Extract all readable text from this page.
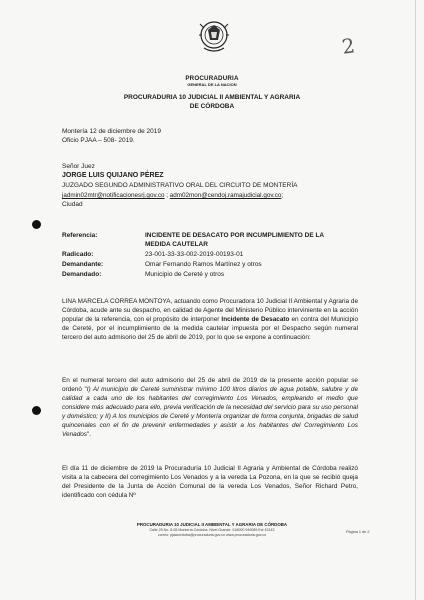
2
PROCURADURIA
GENERAL DE LA NACION
PROCURADURIA 10 JUDICIAL II AMBIENTAL Y AGRARIA
DE CÓRDOBA
Montería 12 de diciembre de 2019
Oficio PJAA – 508- 2019.
Señor Juez
JORGE LUIS QUIJANO PÉREZ
JUZGADO SEGUNDO ADMINISTRATIVO ORAL DEL CIRCUITO DE MONTERÍA
jadmin02mtr@notificacionesrj.gov.co ; adm02mon@cendoj.ramajudicial.gov.co;
Ciudad
Referencia:	INCIDENTE DE DESACATO POR INCUMPLIMIENTO DE LA
MEDIDA CAUTELAR
Radicado:	23-001-33-33-002-2019-00193-01
Demandante:	Omar Fernando Ramos Martínez y otros
Demandado:	Municipio de Cereté y otros

LINA MARCELA CORREA MONTOYA, actuando como Procuradora 10 Judicial II Ambiental y Agraria de Córdoba, acude ante su despacho, en calidad de Agente del Ministerio Público interviniente en la acción popular de la referencia, con el propósito de interponer Incidente de Desacato en contra del Municipio de Cereté, por el incumplimiento de la medida cautelar impuesta por el Despacho según numeral tercero del auto admisorio del 25 de abril de 2019, por lo que se expone a continuación:

En el numeral tercero del auto admisorio del 25 de abril de 2019 de la presente acción popular se ordenó "I) Al municipio de Cereté suministrar mínimo 100 litros diarios de agua potable, salubre y de calidad a cada uno de los habitantes del corregimiento Los Venados, empleando el medio que considere más adecuado para ello, previa verificación de la necesidad del servicio para su uso personal y doméstico; y II) A los municipios de Cereté y Montería organizar de forma conjunta, brigadas de salud quincenales con el fin de prevenir enfermedades y asistir a los habitantes del Corregimiento Los Venados".

El día 11 de diciembre de 2019 la Procuraduría 10 Judicial II Agraria y Ambiental de Córdoba realizó visita a la cabecera del corregimiento Los Venados y a la vereda La Pozona, en la que se recibió queja del Presidente de la Junta de Acción Comunal de la vereda Los Venados, Señor Richard Petro, identificado con cédula Nº

PROCURADURIA 10 JUDICIAL II AMBIENTAL Y AGRARIA DE CÓRDOBA
Calle 25 No. 6-05 Montería Córdoba. Nivel Grande. 018000 949089 Ext 43143
correo: pjaacordoba@procuraduria.gov.co www.procuraduria.gov.co
Página 1 de 2
